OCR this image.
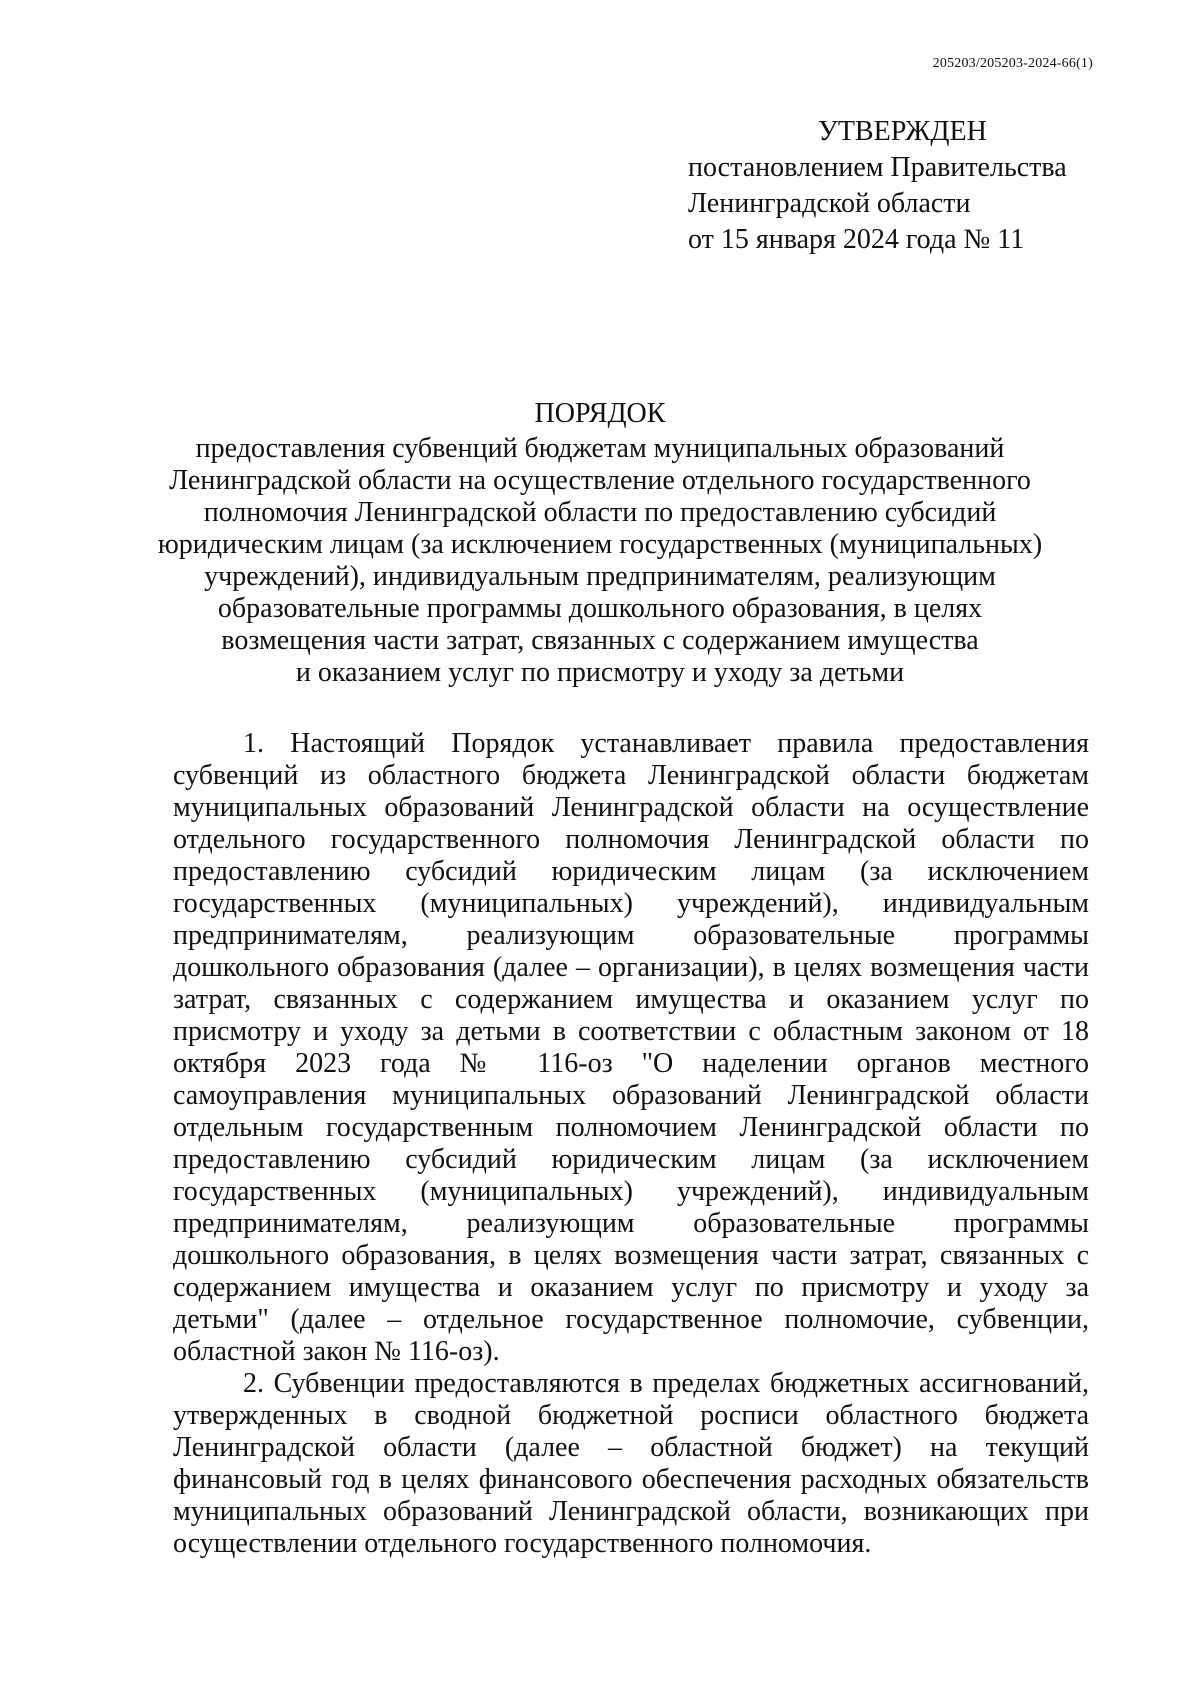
205203/205203-2024-66(1)
УТВЕРЖДЕН
постановлением Правительства
Ленинградской области
от 15 января 2024 года № 11
ПОРЯДОК
предоставления субвенций бюджетам муниципальных образований
Ленинградской области на осуществление отдельного государственного
полномочия Ленинградской области по предоставлению субсидий
юридическим лицам (за исключением государственных (муниципальных)
учреждений), индивидуальным предпринимателям, реализующим
образовательные программы дошкольного образования, в целях
возмещения части затрат, связанных с содержанием имущества
и оказанием услуг по присмотру и уходу за детьми

1. Настоящий Порядок устанавливает правила предоставления субвенций из областного бюджета Ленинградской области бюджетам муниципальных образований Ленинградской области на осуществление отдельного государственного полномочия Ленинградской области по предоставлению субсидий юридическим лицам (за исключением государственных (муниципальных) учреждений), индивидуальным предпринимателям, реализующим образовательные программы дошкольного образования (далее – организации), в целях возмещения части затрат, связанных с содержанием имущества и оказанием услуг по присмотру и уходу за детьми в соответствии с областным законом от 18 октября 2023 года № 116-оз "О наделении органов местного самоуправления муниципальных образований Ленинградской области отдельным государственным полномочием Ленинградской области по предоставлению субсидий юридическим лицам (за исключением государственных (муниципальных) учреждений), индивидуальным предпринимателям, реализующим образовательные программы дошкольного образования, в целях возмещения части затрат, связанных с содержанием имущества и оказанием услуг по присмотру и уходу за детьми" (далее – отдельное государственное полномочие, субвенции, областной закон № 116-оз).

2. Субвенции предоставляются в пределах бюджетных ассигнований, утвержденных в сводной бюджетной росписи областного бюджета Ленинградской области (далее – областной бюджет) на текущий финансовый год в целях финансового обеспечения расходных обязательств муниципальных образований Ленинградской области, возникающих при осуществлении отдельного государственного полномочия.
